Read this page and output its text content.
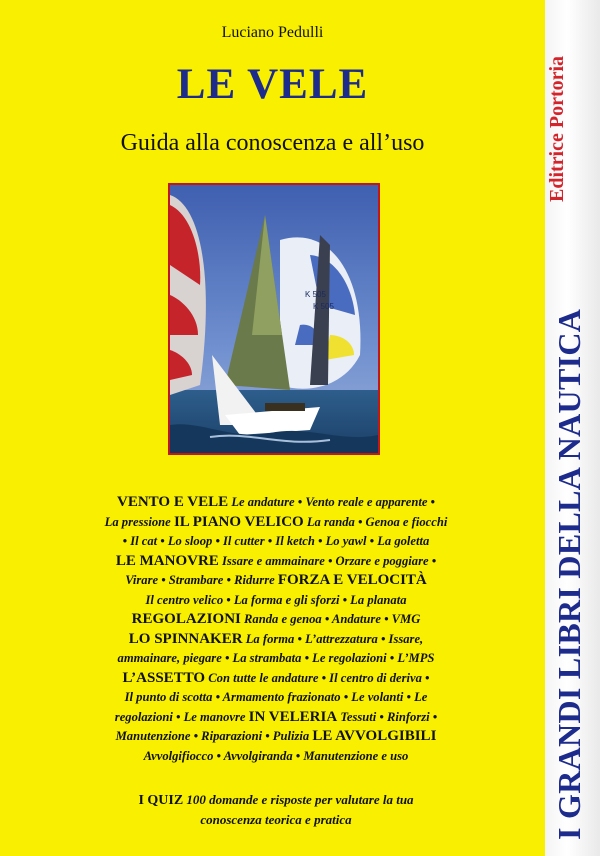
Luciano Pedulli
LE VELE
Guida alla conoscenza e all’uso
K 505
K 505
VENTO E VELE Le andature • Vento reale e apparente •
La pressione IL PIANO VELICO La randa • Genoa e fiocchi
• Il cat • Lo sloop • Il cutter • Il ketch • Lo yawl • La goletta
LE MANOVRE Issare e ammainare • Orzare e poggiare •
Virare • Strambare • Ridurre FORZA E VELOCITÀ
Il centro velico • La forma e gli sforzi • La planata
REGOLAZIONI Randa e genoa • Andature • VMG
LO SPINNAKER La forma • L’attrezzatura • Issare,
ammainare, piegare • La strambata • Le regolazioni • L’MPS
L’ASSETTO Con tutte le andature • Il centro di deriva •
Il punto di scotta • Armamento frazionato • Le volanti • Le
regolazioni • Le manovre IN VELERIA Tessuti • Rinforzi •
Manutenzione • Riparazioni • Pulizia LE AVVOLGIBILI
Avvolgifiocco • Avvolgiranda • Manutenzione e uso
I QUIZ 100 domande e risposte per valutare la tua
conoscenza teorica e pratica
Editrice Portoria
I GRANDI LIBRI DELLA NAUTICA
